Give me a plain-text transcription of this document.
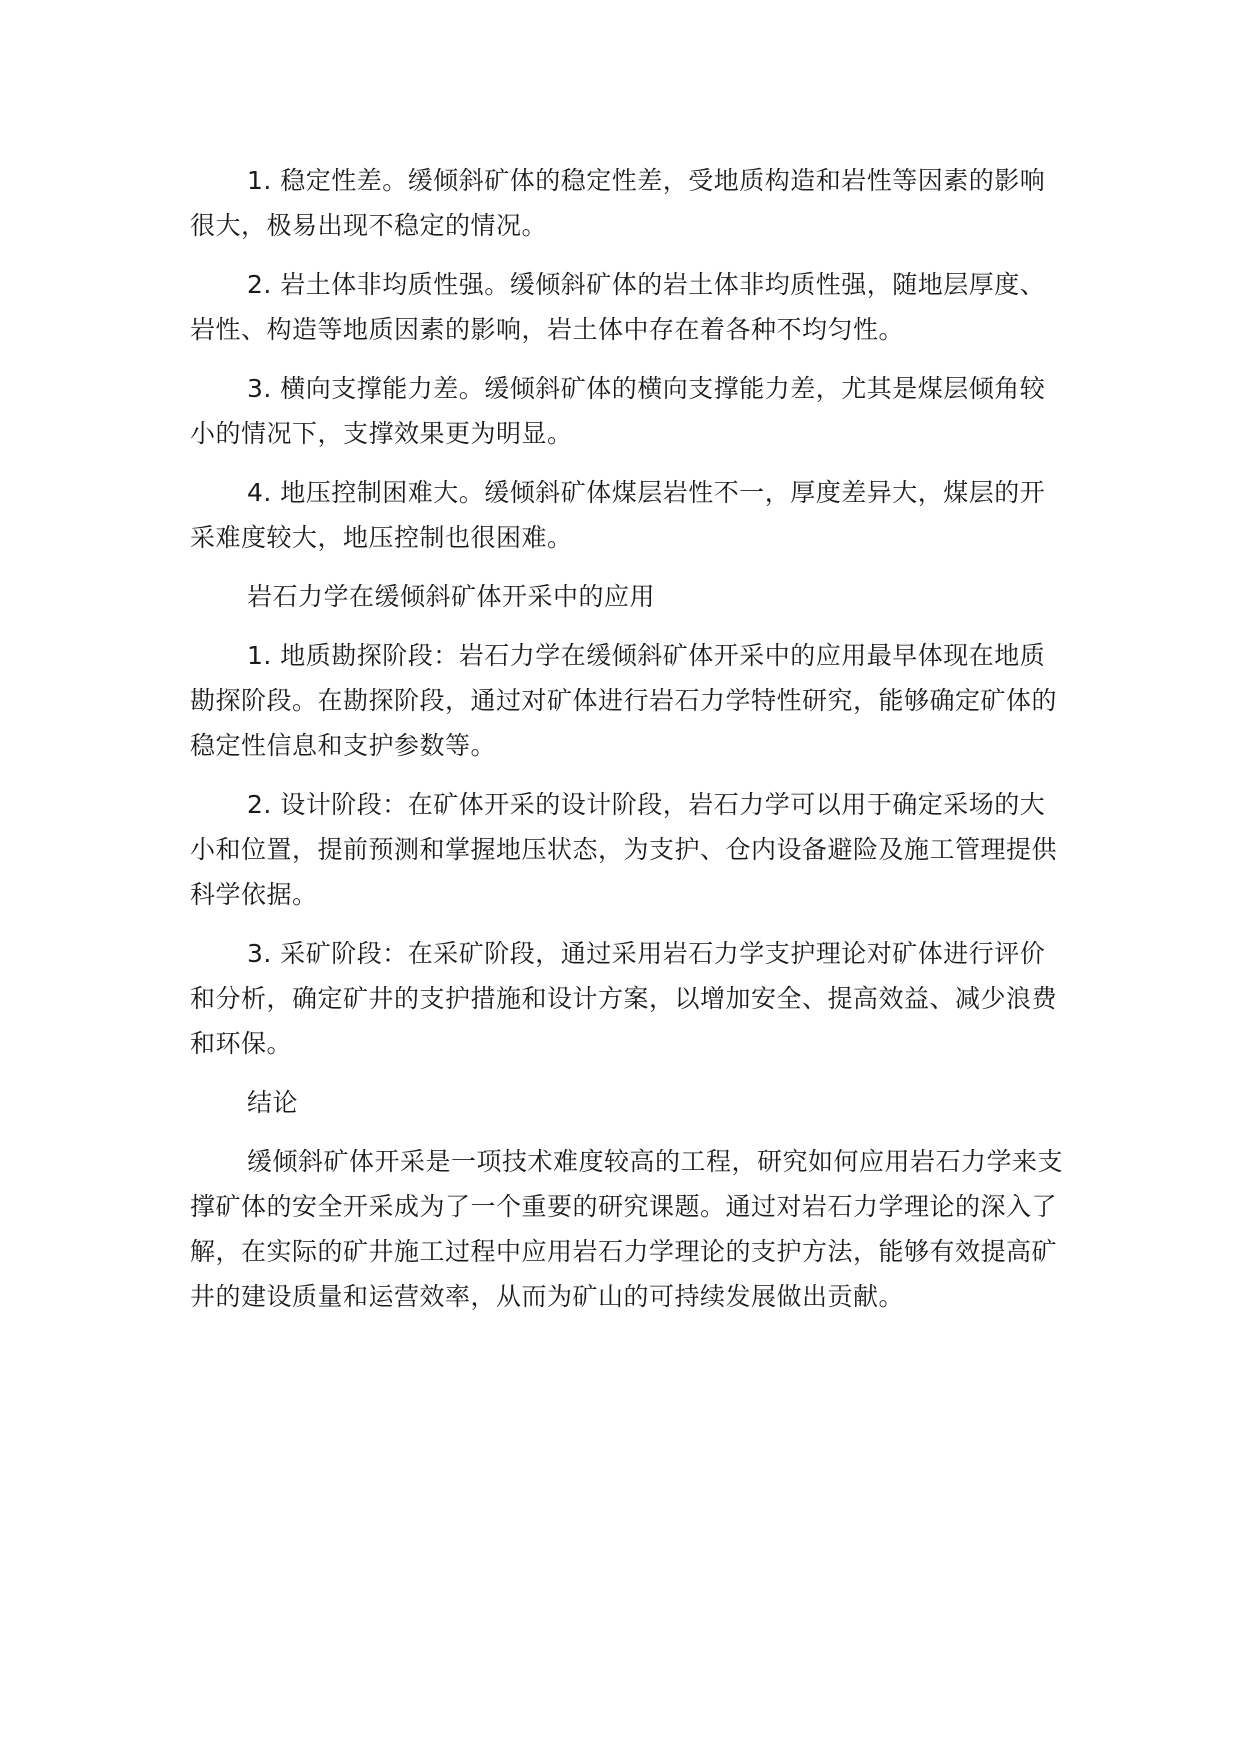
1. 稳定性差。缓倾斜矿体的稳定性差，受地质构造和岩性等因素的影响很大，极易出现不稳定的情况。

2. 岩土体非均质性强。缓倾斜矿体的岩土体非均质性强，随地层厚度、岩性、构造等地质因素的影响，岩土体中存在着各种不均匀性。

3. 横向支撑能力差。缓倾斜矿体的横向支撑能力差，尤其是煤层倾角较小的情况下，支撑效果更为明显。

4. 地压控制困难大。缓倾斜矿体煤层岩性不一，厚度差异大，煤层的开采难度较大，地压控制也很困难。

岩石力学在缓倾斜矿体开采中的应用

1. 地质勘探阶段：岩石力学在缓倾斜矿体开采中的应用最早体现在地质勘探阶段。在勘探阶段，通过对矿体进行岩石力学特性研究，能够确定矿体的稳定性信息和支护参数等。

2. 设计阶段：在矿体开采的设计阶段，岩石力学可以用于确定采场的大小和位置，提前预测和掌握地压状态，为支护、仓内设备避险及施工管理提供科学依据。

3. 采矿阶段：在采矿阶段，通过采用岩石力学支护理论对矿体进行评价和分析，确定矿井的支护措施和设计方案，以增加安全、提高效益、减少浪费和环保。

结论

缓倾斜矿体开采是一项技术难度较高的工程，研究如何应用岩石力学来支撑矿体的安全开采成为了一个重要的研究课题。通过对岩石力学理论的深入了解，在实际的矿井施工过程中应用岩石力学理论的支护方法，能够有效提高矿井的建设质量和运营效率，从而为矿山的可持续发展做出贡献。
